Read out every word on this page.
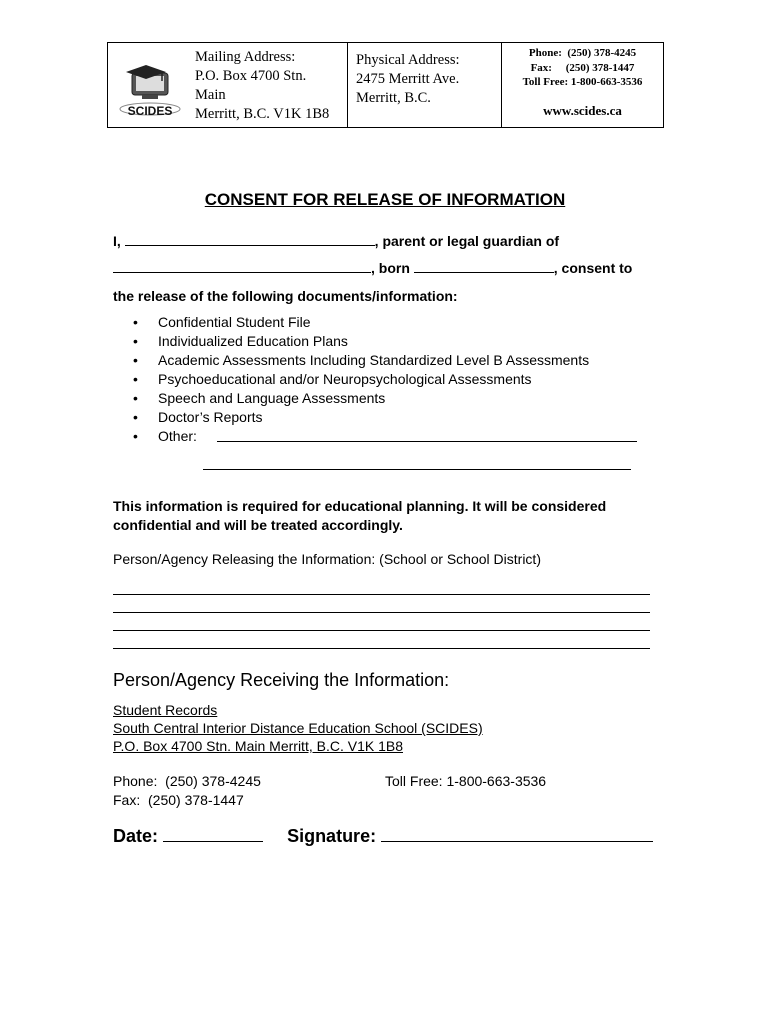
SCIDES
Mailing Address:
P.O. Box 4700 Stn.
Main
Merritt, B.C. V1K 1B8
Physical Address:
2475 Merritt Ave.
Merritt, B.C.
Phone:  (250) 378-4245
Fax:     (250) 378-1447
Toll Free: 1-800-663-3536
www.scides.ca
CONSENT FOR RELEASE OF INFORMATION
I,	, parent or legal guardian of
, born	, consent to
the release of the following documents/information:
• Confidential Student File
• Individualized Education Plans
• Academic Assessments Including Standardized Level B Assessments
• Psychoeducational and/or Neuropsychological Assessments
• Speech and Language Assessments
• Doctor’s Reports
• Other:
This information is required for educational planning. It will be considered
confidential and will be treated accordingly.
Person/Agency Releasing the Information: (School or School District)
Person/Agency Receiving the Information:
Student Records
South Central Interior Distance Education School (SCIDES)
P.O. Box 4700 Stn. Main Merritt, B.C. V1K 1B8
Phone:  (250) 378-4245	Toll Free: 1-800-663-3536
Fax:  (250) 378-1447
Date:	Signature:
